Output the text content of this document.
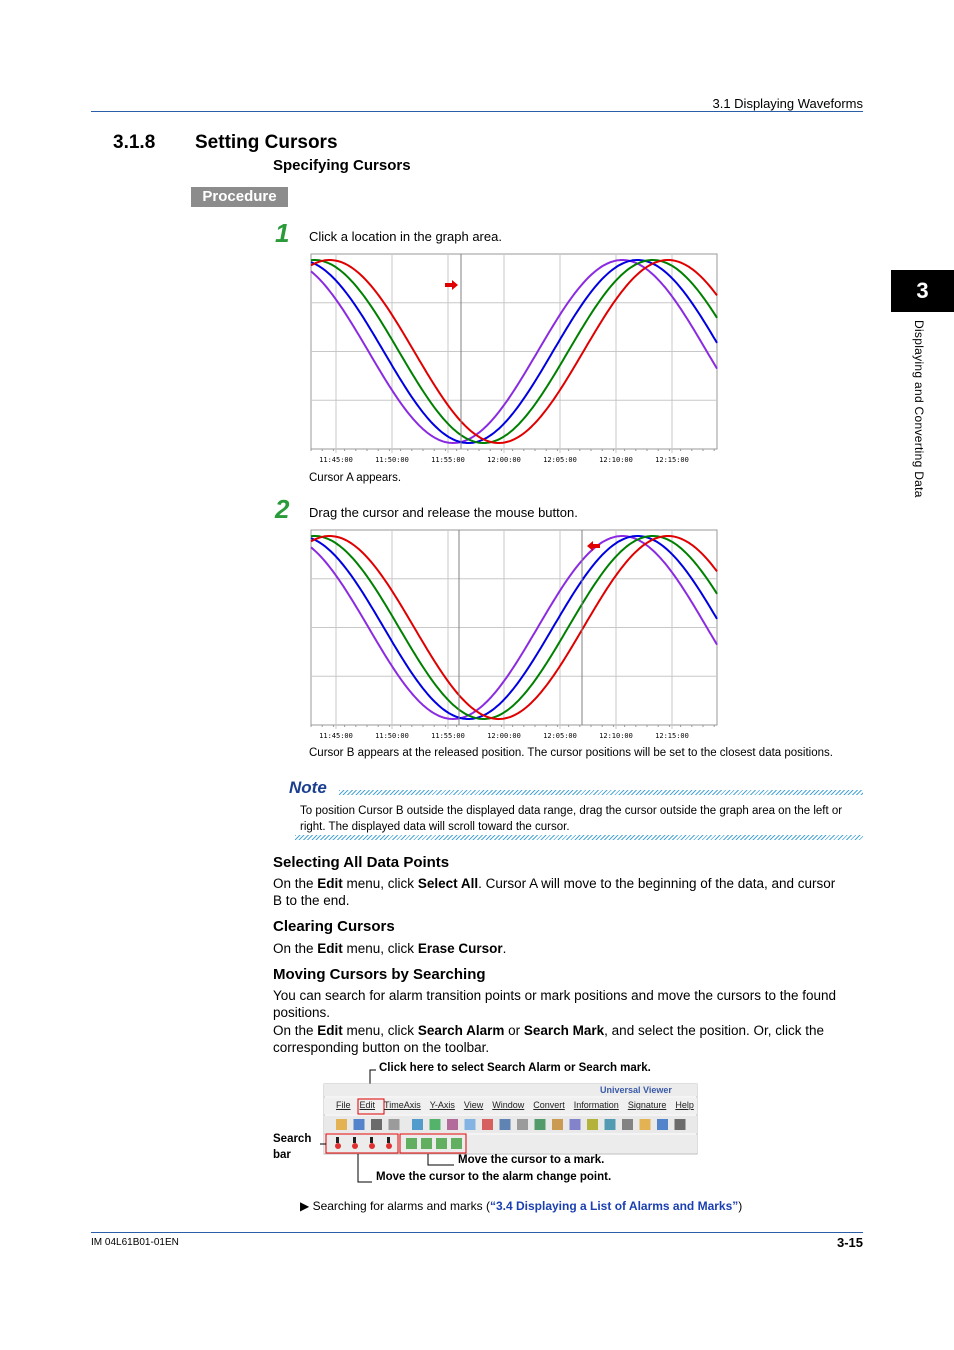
3.1 Displaying Waveforms
3.1.8 Setting Cursors
Specifying Cursors
Procedure
3
Displaying and Converting Data
1 Click a location in the graph area.
11:45:00	11:50:00	11:55:00	12:00:00	12:05:00	12:10:00	12:15:00
Cursor A appears.
2 Drag the cursor and release the mouse button.
11:45:00	11:50:00	11:55:00	12:00:00	12:05:00	12:10:00	12:15:00
Cursor B appears at the released position. The cursor positions will be set to the closest data positions.
Note
To position Cursor B outside the displayed data range, drag the cursor outside the graph area on the left or right. The displayed data will scroll toward the cursor.
Selecting All Data Points
On the Edit menu, click Select All. Cursor A will move to the beginning of the data, and cursor B to the end.
Clearing Cursors
On the Edit menu, click Erase Cursor.
Moving Cursors by Searching
You can search for alarm transition points or mark positions and move the cursors to the found positions.
On the Edit menu, click Search Alarm or Search Mark, and select the position. Or, click the corresponding button on the toolbar.
Click here to select Search Alarm or Search mark.
Universal Viewer
File Edit TimeAxis Y-Axis View Window Convert Information Signature Help
Search
bar	Move the cursor to a mark.
Move the cursor to the alarm change point.
▶ Searching for alarms and marks (“3.4 Displaying a List of Alarms and Marks”)
IM 04L61B01-01EN	3-15
